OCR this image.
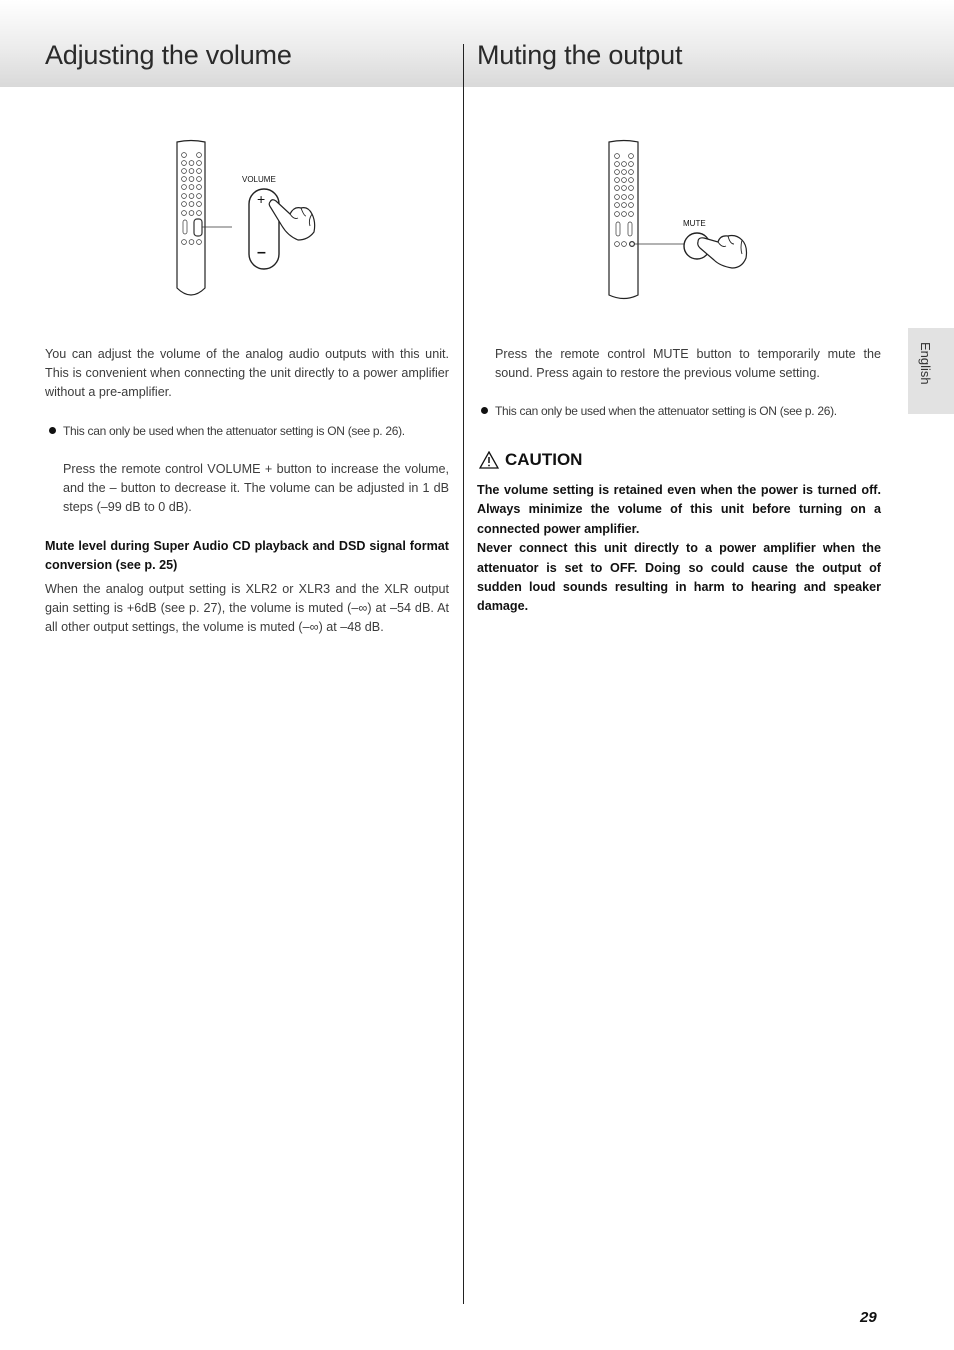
Adjusting the volume	Muting the output
VOLUME
+
–
MUTE

You can adjust the volume of the analog audio outputs with this unit. This is convenient when connecting the unit directly to a power amplifier without a pre-amplifier.

This can only be used when the attenuator setting is ON (see p. 26).

Press the remote control VOLUME + button to increase the volume, and the – button to decrease it. The volume can be adjusted in 1 dB steps (–99 dB to 0 dB).

Mute level during Super Audio CD playback and DSD signal format conversion (see p. 25)

When the analog output setting is XLR2 or XLR3 and the XLR output gain setting is +6dB (see p. 27), the volume is muted (–∞) at –54 dB. At all other output settings, the volume is muted (–∞) at –48 dB.

Press the remote control MUTE button to temporarily mute the sound. Press again to restore the previous volume setting.

This can only be used when the attenuator setting is ON (see p. 26).

CAUTION

The volume setting is retained even when the power is turned off. Always minimize the volume of this unit before turning on a connected power amplifier.

Never connect this unit directly to a power amplifier when the attenuator is set to OFF. Doing so could cause the output of sudden loud sounds resulting in harm to hearing and speaker damage.

English
29
